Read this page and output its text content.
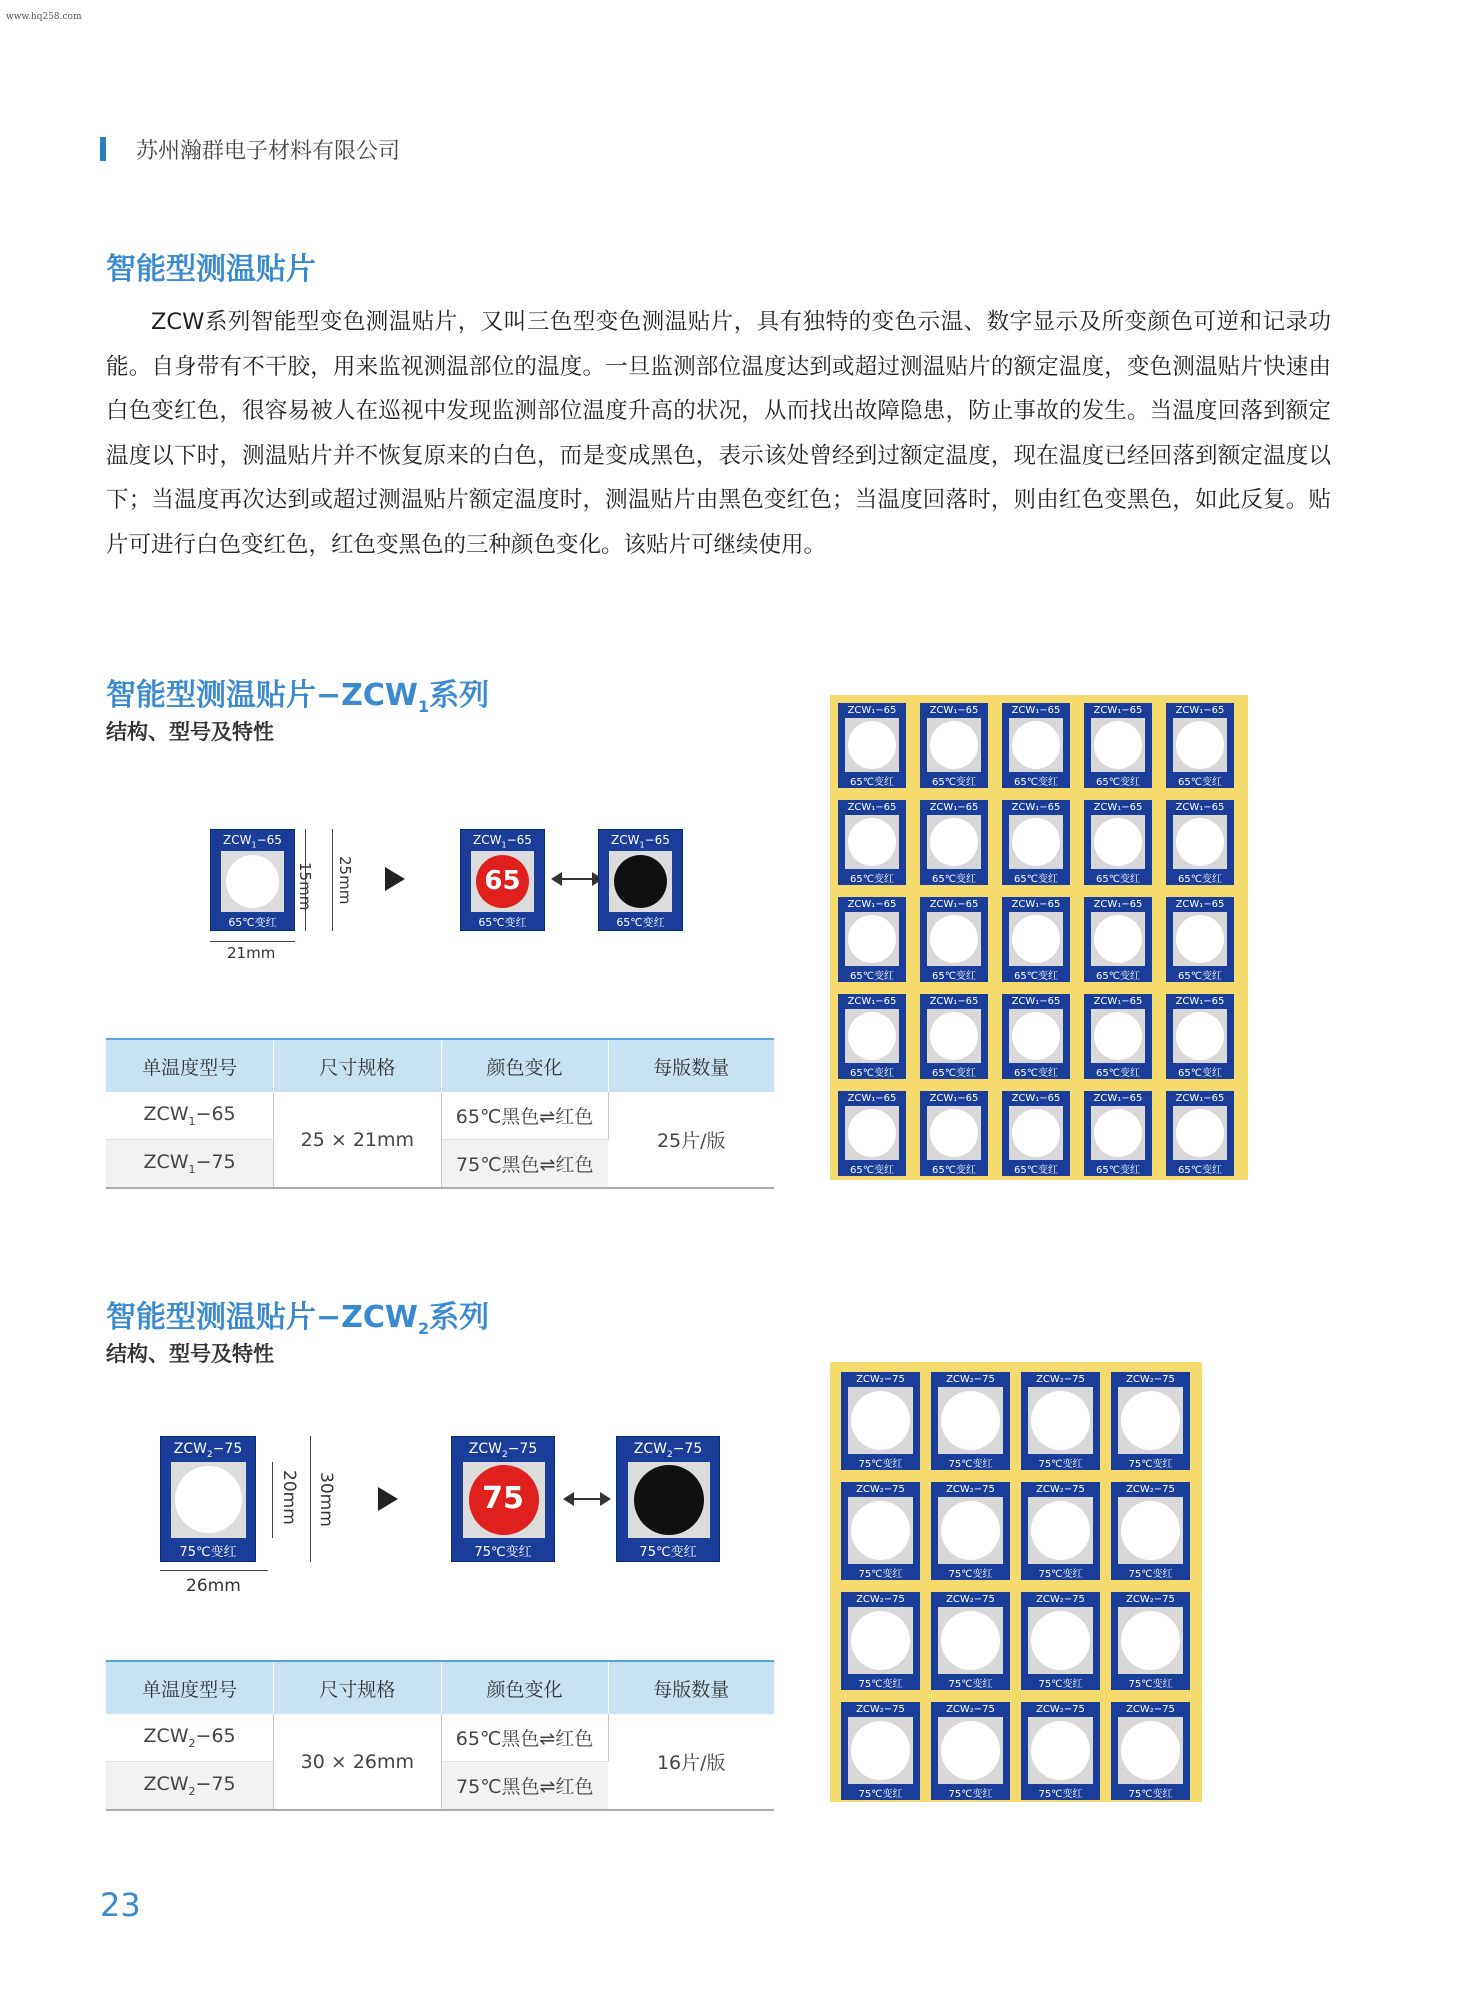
www.hq258.com
苏州瀚群电子材料有限公司
智能型测温贴片

ZCW系列智能型变色测温贴片，又叫三色型变色测温贴片，具有独特的变色示温、数字显示及所变颜色可逆和记录功能。自身带有不干胶，用来监视测温部位的温度。一旦监测部位温度达到或超过测温贴片的额定温度，变色测温贴片快速由白色变红色，很容易被人在巡视中发现监测部位温度升高的状况，从而找出故障隐患，防止事故的发生。当温度回落到额定温度以下时，测温贴片并不恢复原来的白色，而是变成黑色，表示该处曾经到过额定温度，现在温度已经回落到额定温度以下；当温度再次达到或超过测温贴片额定温度时，测温贴片由黑色变红色；当温度回落时，则由红色变黑色，如此反复。贴片可进行白色变红色，红色变黑色的三种颜色变化。该贴片可继续使用。

智能型测温贴片$-ZCW_1$系列
结构、型号及特性
$ZCW_1-65$
65℃变红
15mm 25mm
21mm
$ZCW_1-65$
65
65℃变红
$ZCW_1-65$
65℃变红
单温度型号	尺寸规格	颜色变化	每版数量
$ZCW_1-65$	25 × 21mm	65℃黑色⇌红色	25片/版
$ZCW_1-75$		75℃黑色⇌红色	
ZCW₁−65
65℃变红
ZCW₁−65
65℃变红
ZCW₁−65
65℃变红
ZCW₁−65
65℃变红
ZCW₁−65
65℃变红
ZCW₁−65
65℃变红
ZCW₁−65
65℃变红
ZCW₁−65
65℃变红
ZCW₁−65
65℃变红
ZCW₁−65
65℃变红
ZCW₁−65
65℃变红
ZCW₁−65
65℃变红
ZCW₁−65
65℃变红
ZCW₁−65
65℃变红
ZCW₁−65
65℃变红
ZCW₁−65
65℃变红
ZCW₁−65
65℃变红
ZCW₁−65
65℃变红
ZCW₁−65
65℃变红
ZCW₁−65
65℃变红
ZCW₁−65
65℃变红
ZCW₁−65
65℃变红
ZCW₁−65
65℃变红
ZCW₁−65
65℃变红
ZCW₁−65
65℃变红
智能型测温贴片$-ZCW_2$系列
结构、型号及特性
$ZCW_2-75$
75℃变红
20mm 30mm
26mm
$ZCW_2-75$
75
75℃变红
$ZCW_2-75$
75℃变红
单温度型号	尺寸规格	颜色变化	每版数量
$ZCW_2-65$	30 × 26mm	65℃黑色⇌红色	16片/版
$ZCW_2-75$		75℃黑色⇌红色	
ZCW₂−75
75℃变红
ZCW₂−75
75℃变红
ZCW₂−75
75℃变红
ZCW₂−75
75℃变红
ZCW₂−75
75℃变红
ZCW₂−75
75℃变红
ZCW₂−75
75℃变红
ZCW₂−75
75℃变红
ZCW₂−75
75℃变红
ZCW₂−75
75℃变红
ZCW₂−75
75℃变红
ZCW₂−75
75℃变红
ZCW₂−75
75℃变红
ZCW₂−75
75℃变红
ZCW₂−75
75℃变红
ZCW₂−75
75℃变红
23
